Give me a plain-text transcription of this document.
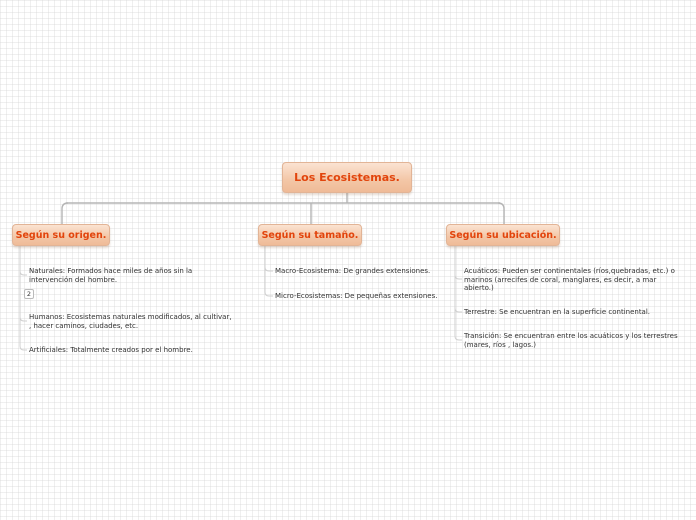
Los Ecosistemas.
Según su origen.	Según su tamaño.	Según su ubicación.
Naturales: Formados hace miles de años sin la intervención del hombre.
2
Humanos: Ecosistemas naturales modificados, al cultivar, , hacer caminos, ciudades, etc.
Artificiales: Totalmente creados por el hombre.
Macro-Ecosistema: De grandes extensiones.
Micro-Ecosistemas: De pequeñas extensiones.
Acuáticos: Pueden ser continentales (ríos,quebradas, etc.) o marinos (arrecifes de coral, manglares, es decir, a mar abierto.)
Terrestre: Se encuentran en la superficie continental.
Transición: Se encuentran entre los acuáticos y los terrestres (mares, ríos , lagos.)
